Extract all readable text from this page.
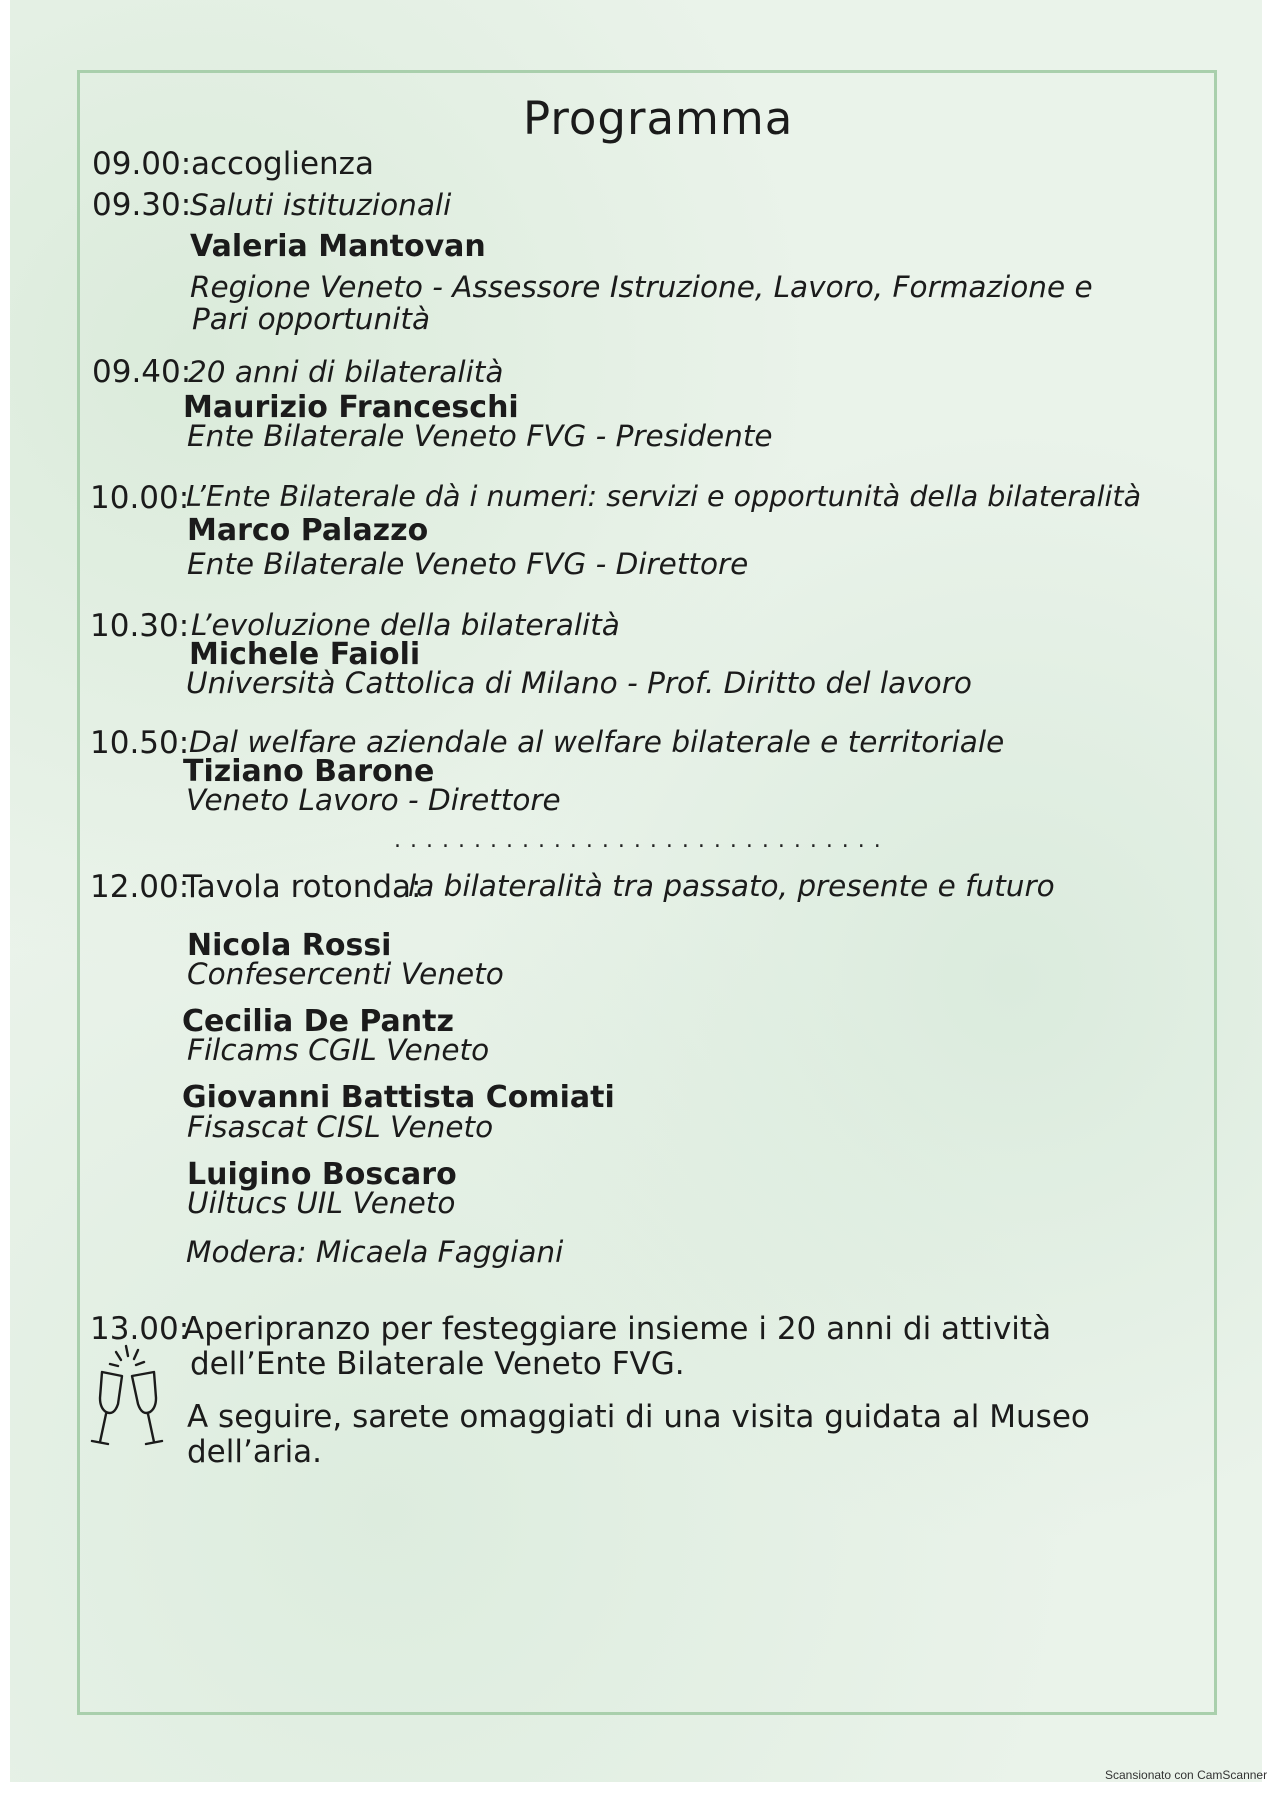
Programma
09.00: accoglienza
09.30:
Saluti istituzionali
Valeria Mantovan
Regione Veneto - Assessore Istruzione, Lavoro, Formazione e
Pari opportunità
09.40:
20 anni di bilateralità
Maurizio Franceschi
Ente Bilaterale Veneto FVG - Presidente
10.00:
L’Ente Bilaterale dà i numeri: servizi e opportunità della bilateralità
Marco Palazzo
Ente Bilaterale Veneto FVG - Direttore
10.30: L’evoluzione della bilateralità
Michele Faioli
Università Cattolica di Milano - Prof. Diritto del lavoro
10.50: Dal welfare aziendale al welfare bilaterale e territoriale
Tiziano Barone
Veneto Lavoro - Direttore
...............................
12.00:
Tavola rotonda:
la bilateralità tra passato, presente e futuro
Nicola Rossi
Confesercenti Veneto
Cecilia De Pantz
Filcams CGIL Veneto
Giovanni Battista Comiati
Fisascat CISL Veneto
Luigino Boscaro
Uiltucs UIL Veneto
Modera: Micaela Faggiani
13.00:
Aperipranzo per festeggiare insieme i 20 anni di attività
dell’Ente Bilaterale Veneto FVG.
A seguire, sarete omaggiati di una visita guidata al Museo
dell’aria.
Scansionato con CamScanner
